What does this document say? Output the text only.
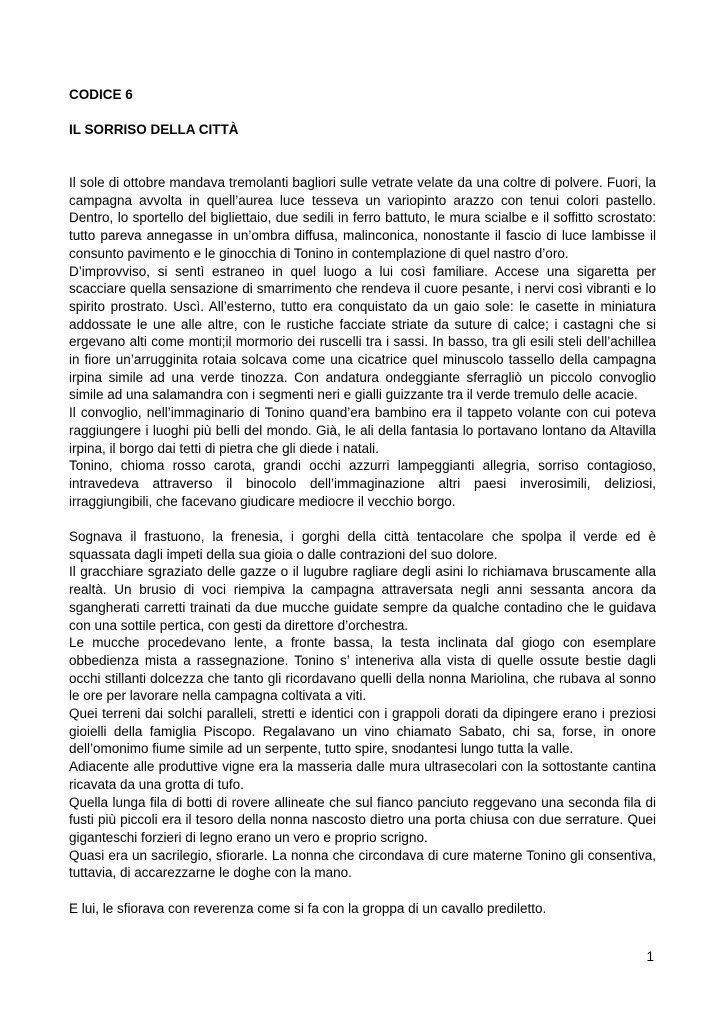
CODICE 6

IL SORRISO DELLA CITTÀ

Il sole di ottobre mandava tremolanti bagliori sulle vetrate velate da una coltre di polvere. Fuori, la campagna avvolta in quell’aurea luce tesseva un variopinto arazzo con tenui colori pastello. Dentro, lo sportello del bigliettaio, due sedili in ferro battuto, le mura scialbe e il soffitto scrostato: tutto pareva annegasse in un’ombra diffusa, malinconica, nonostante il fascio di luce lambisse il consunto pavimento e le ginocchia di Tonino in contemplazione di quel nastro d’oro.

D’improvviso, si sentì estraneo in quel luogo a lui così familiare. Accese una sigaretta per scacciare quella sensazione di smarrimento che rendeva il cuore pesante, i nervi così vibranti e lo spirito prostrato. Uscì. All’esterno, tutto era conquistato da un gaio sole: le casette in miniatura addossate le une alle altre, con le rustiche facciate striate da suture di calce; i castagni che si ergevano alti come monti;il mormorio dei ruscelli tra i sassi. In basso, tra gli esili steli dell’achillea in fiore un’arrugginita rotaia solcava come una cicatrice quel minuscolo tassello della campagna irpina simile ad una verde tinozza. Con andatura ondeggiante sferragliò un piccolo convoglio simile ad una salamandra con i segmenti neri e gialli guizzante tra il verde tremulo delle acacie.

Il convoglio, nell’immaginario di Tonino quand’era bambino era il tappeto volante con cui poteva raggiungere i luoghi più belli del mondo. Già, le ali della fantasia lo portavano lontano da Altavilla irpina, il borgo dai tetti di pietra che gli diede i natali.

Tonino, chioma rosso carota, grandi occhi azzurri lampeggianti allegria, sorriso contagioso, intravedeva attraverso il binocolo dell’immaginazione altri paesi inverosimili, deliziosi, irraggiungibili, che facevano giudicare mediocre il vecchio borgo.

Sognava il frastuono, la frenesia, i gorghi della città tentacolare che spolpa il verde ed è squassata dagli impeti della sua gioia o dalle contrazioni del suo dolore.

Il gracchiare sgraziato delle gazze o il lugubre ragliare degli asini lo richiamava bruscamente alla realtà. Un brusio di voci riempiva la campagna attraversata negli anni sessanta ancora da sgangherati carretti trainati da due mucche guidate sempre da qualche contadino che le guidava con una sottile pertica, con gesti da direttore d’orchestra.

Le mucche procedevano lente, a fronte bassa, la testa inclinata dal giogo con esemplare obbedienza mista a rassegnazione. Tonino s’ inteneriva alla vista di quelle ossute bestie dagli occhi stillanti dolcezza che tanto gli ricordavano quelli della nonna Mariolina, che rubava al sonno le ore per lavorare nella campagna coltivata a viti.

Quei terreni dai solchi paralleli, stretti e identici con i grappoli dorati da dipingere erano i preziosi gioielli della famiglia Piscopo. Regalavano un vino chiamato Sabato, chi sa, forse, in onore dell’omonimo fiume simile ad un serpente, tutto spire, snodantesi lungo tutta la valle.

Adiacente alle produttive vigne era la masseria dalle mura ultrasecolari con la sottostante cantina ricavata da una grotta di tufo.

Quella lunga fila di botti di rovere allineate che sul fianco panciuto reggevano una seconda fila di fusti più piccoli era il tesoro della nonna nascosto dietro una porta chiusa con due serrature. Quei giganteschi forzieri di legno erano un vero e proprio scrigno.

Quasi era un sacrilegio, sfiorarle. La nonna che circondava di cure materne Tonino gli consentiva, tuttavia, di accarezzarne le doghe con la mano.

E lui, le sfiorava con reverenza come si fa con la groppa di un cavallo prediletto.

1
